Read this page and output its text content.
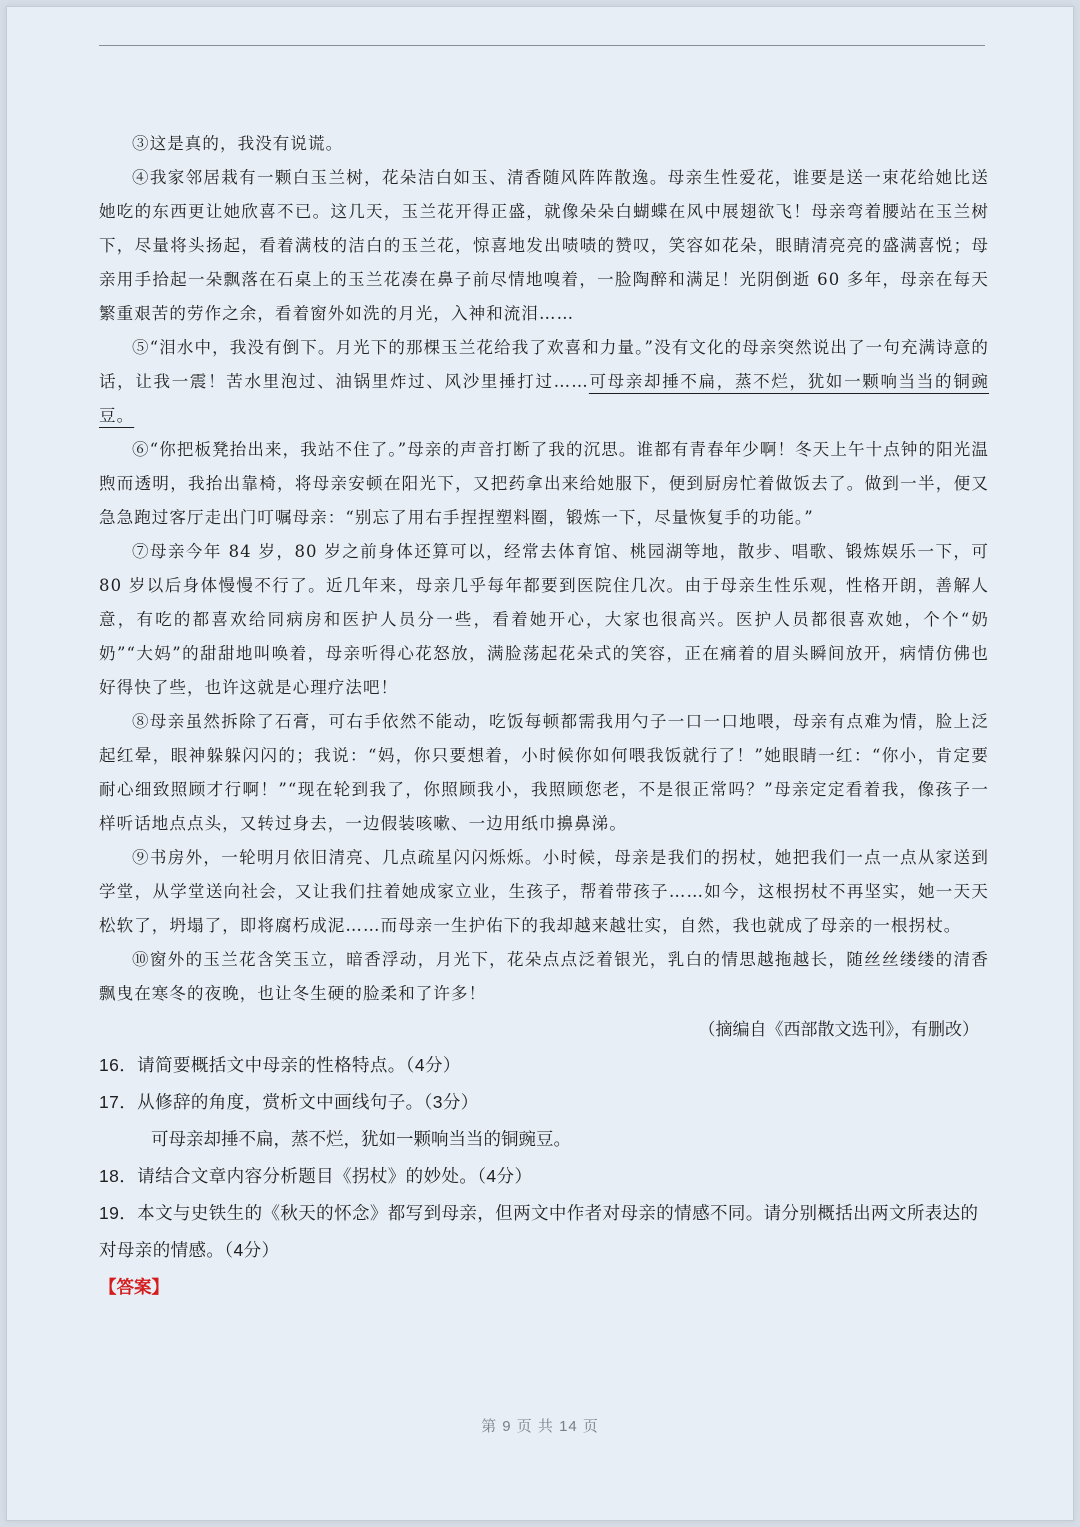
③这是真的，我没有说谎。

④我家邻居栽有一颗白玉兰树，花朵洁白如玉、清香随风阵阵散逸。母亲生性爱花，谁要是送一束花给她比送她吃的东西更让她欣喜不已。这几天，玉兰花开得正盛，就像朵朵白蝴蝶在风中展翅欲飞！母亲弯着腰站在玉兰树下，尽量将头扬起，看着满枝的洁白的玉兰花，惊喜地发出啧啧的赞叹，笑容如花朵，眼睛清亮亮的盛满喜悦；母亲用手拾起一朵飘落在石桌上的玉兰花凑在鼻子前尽情地嗅着，一脸陶醉和满足！光阴倒逝 60 多年，母亲在每天繁重艰苦的劳作之余，看着窗外如洗的月光，入神和流泪……

⑤“泪水中，我没有倒下。月光下的那棵玉兰花给我了欢喜和力量。”没有文化的母亲突然说出了一句充满诗意的话，让我一震！苦水里泡过、油锅里炸过、风沙里捶打过……可母亲却捶不扁，蒸不烂，犹如一颗响当当的铜豌豆。

⑥“你把板凳抬出来，我站不住了。”母亲的声音打断了我的沉思。谁都有青春年少啊！冬天上午十点钟的阳光温煦而透明，我抬出靠椅，将母亲安顿在阳光下，又把药拿出来给她服下，便到厨房忙着做饭去了。做到一半，便又急急跑过客厅走出门叮嘱母亲：“别忘了用右手捏捏塑料圈，锻炼一下，尽量恢复手的功能。”

⑦母亲今年 84 岁，80 岁之前身体还算可以，经常去体育馆、桃园湖等地，散步、唱歌、锻炼娱乐一下，可 80 岁以后身体慢慢不行了。近几年来，母亲几乎每年都要到医院住几次。由于母亲生性乐观，性格开朗，善解人意，有吃的都喜欢给同病房和医护人员分一些，看着她开心，大家也很高兴。医护人员都很喜欢她，个个“奶奶”“大妈”的甜甜地叫唤着，母亲听得心花怒放，满脸荡起花朵式的笑容，正在痛着的眉头瞬间放开，病情仿佛也好得快了些，也许这就是心理疗法吧！

⑧母亲虽然拆除了石膏，可右手依然不能动，吃饭每顿都需我用勺子一口一口地喂，母亲有点难为情，脸上泛起红晕，眼神躲躲闪闪的；我说：“妈，你只要想着，小时候你如何喂我饭就行了！”她眼睛一红：“你小，肯定要耐心细致照顾才行啊！”“现在轮到我了，你照顾我小，我照顾您老，不是很正常吗？”母亲定定看着我，像孩子一样听话地点点头，又转过身去，一边假装咳嗽、一边用纸巾擤鼻涕。

⑨书房外，一轮明月依旧清亮、几点疏星闪闪烁烁。小时候，母亲是我们的拐杖，她把我们一点一点从家送到学堂，从学堂送向社会，又让我们拄着她成家立业，生孩子，帮着带孩子……如今，这根拐杖不再坚实，她一天天松软了，坍塌了，即将腐朽成泥……而母亲一生护佑下的我却越来越壮实，自然，我也就成了母亲的一根拐杖。

⑩窗外的玉兰花含笑玉立，暗香浮动，月光下，花朵点点泛着银光，乳白的情思越拖越长，随丝丝缕缕的清香飘曳在寒冬的夜晚，也让冬生硬的脸柔和了许多！

（摘编自《西部散文选刊》，有删改）

16．请简要概括文中母亲的性格特点。（4分）

17．从修辞的角度，赏析文中画线句子。（3分）

可母亲却捶不扁，蒸不烂，犹如一颗响当当的铜豌豆。

18．请结合文章内容分析题目《拐杖》的妙处。（4分）

19．本文与史铁生的《秋天的怀念》都写到母亲，但两文中作者对母亲的情感不同。请分别概括出两文所表达的对母亲的情感。（4分）

【答案】

第 9 页 共 14 页
